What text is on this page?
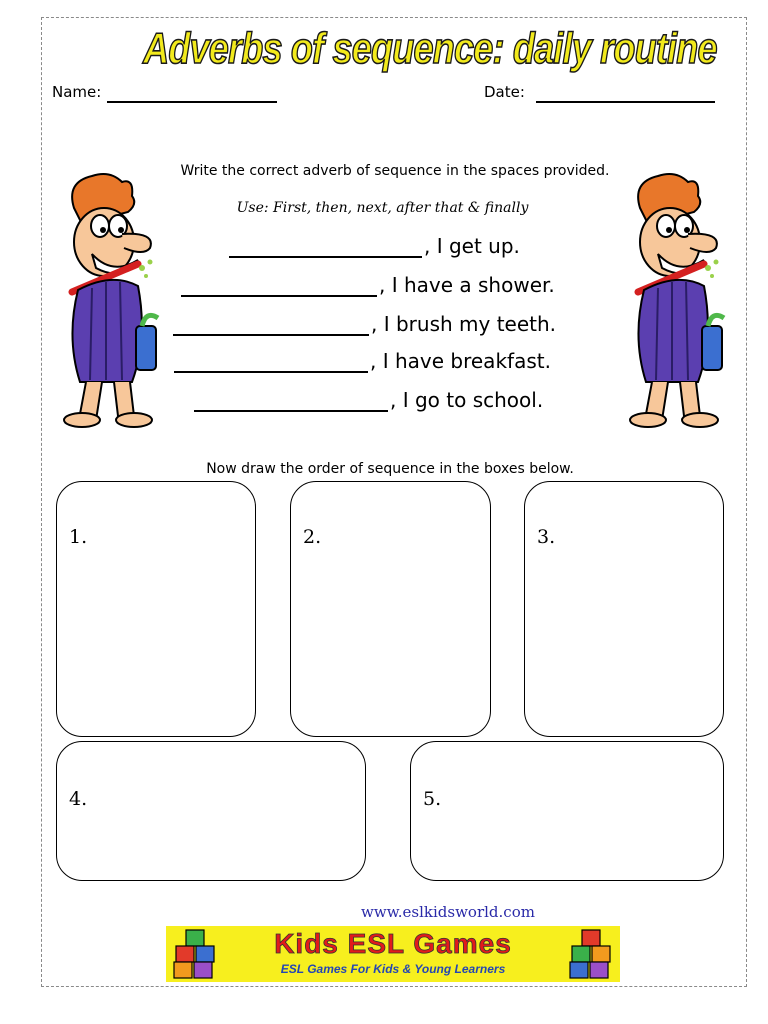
Adverbs of sequence: daily routine
Name:	Date:
Write the correct adverb of sequence in the spaces provided.
Use: First, then, next, after that & finally
, I get up.
, I have a shower.
, I brush my teeth.
, I have breakfast.
, I go to school.
Now draw the order of sequence in the boxes below.
1.	2.	3.
4.	5.
www.eslkidsworld.com
Kids ESL Games
ESL Games For Kids & Young Learners
